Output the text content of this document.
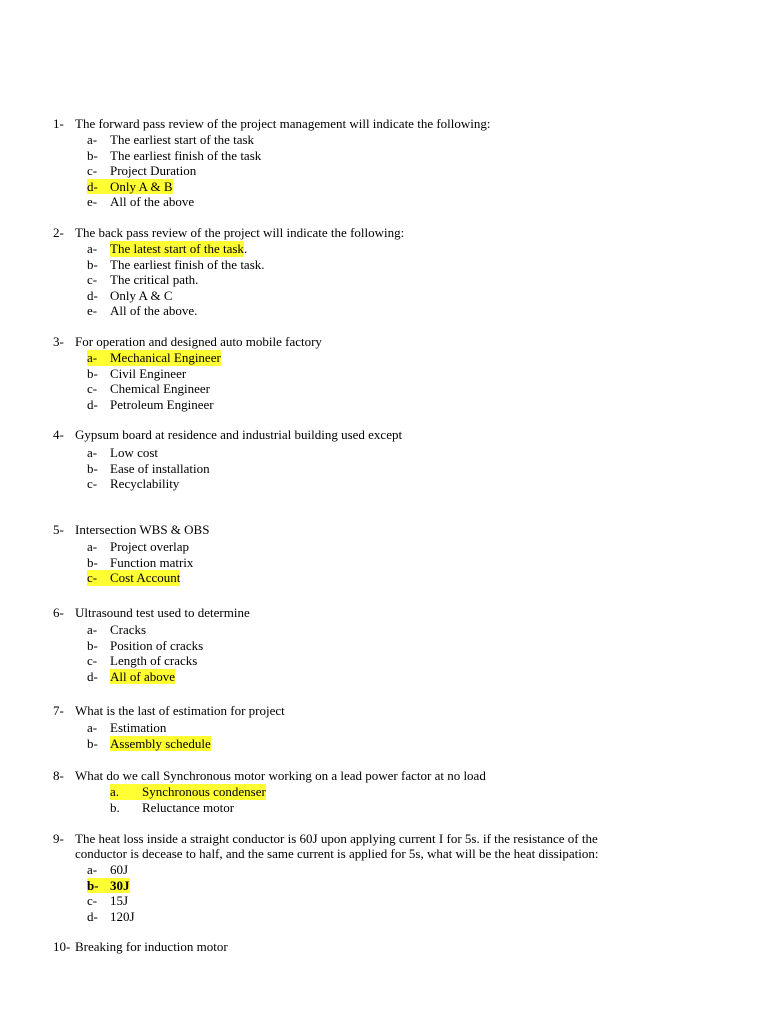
1- The forward pass review of the project management will indicate the following:
a- The earliest start of the task
b- The earliest finish of the task
c- Project Duration
d- Only A & B
e- All of the above
2- The back pass review of the project will indicate the following:
a- The latest start of the task .
b- The earliest finish of the task.
c- The critical path.
d- Only A & C
e- All of the above.
3- For operation and designed auto mobile factory
a- Mechanical Engineer
b- Civil Engineer
c- Chemical Engineer
d- Petroleum Engineer
4- Gypsum board at residence and industrial building used except
a- Low cost
b- Ease of installation
c- Recyclability
5- Intersection WBS & OBS
a- Project overlap
b- Function matrix
c- Cost Account
6- Ultrasound test used to determine
a- Cracks
b- Position of cracks
c- Length of cracks
d- All of above
7- What is the last of estimation for project
a- Estimation
b- Assembly schedule
8- What do we call Synchronous motor working on a lead power factor at no load
a.	Synchronous condenser
b.	Reluctance motor
9- The heat loss inside a straight conductor is 60J upon applying current I for 5s. if the resistance of the
conductor is decease to half, and the same current is applied for 5s, what will be the heat dissipation:
a- 60J
b- 30J
c- 15J
d- 120J
10- Breaking for induction motor
